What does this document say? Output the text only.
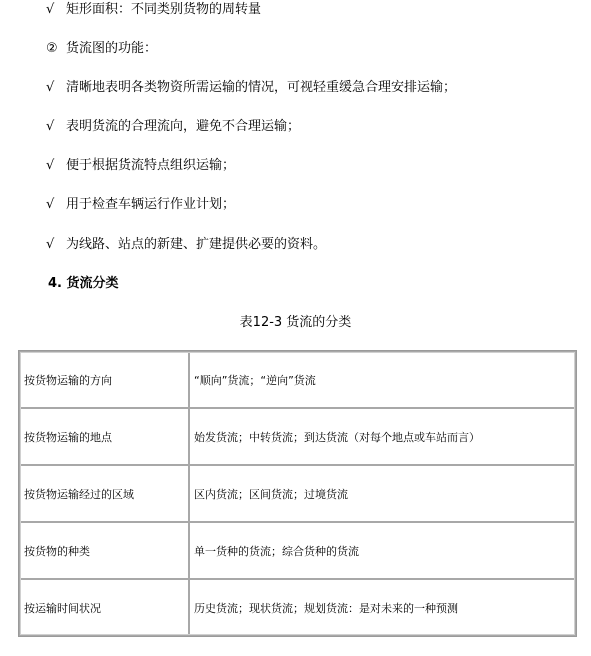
√ 矩形面积：不同类别货物的周转量
② 货流图的功能：
√ 清晰地表明各类物资所需运输的情况，可视轻重缓急合理安排运输；
√ 表明货流的合理流向，避免不合理运输；
√ 便于根据货流特点组织运输；
√ 用于检查车辆运行作业计划；
√ 为线路、站点的新建、扩建提供必要的资料。
4. 货流分类
表12-3 货流的分类
按货物运输的方向	“顺向”货流；“逆向”货流
按货物运输的地点	始发货流；中转货流；到达货流（对每个地点或车站而言）
按货物运输经过的区域	区内货流；区间货流；过境货流
按货物的种类	单一货种的货流；综合货种的货流
按运输时间状况	历史货流；现状货流；规划货流：是对未来的一种预测
